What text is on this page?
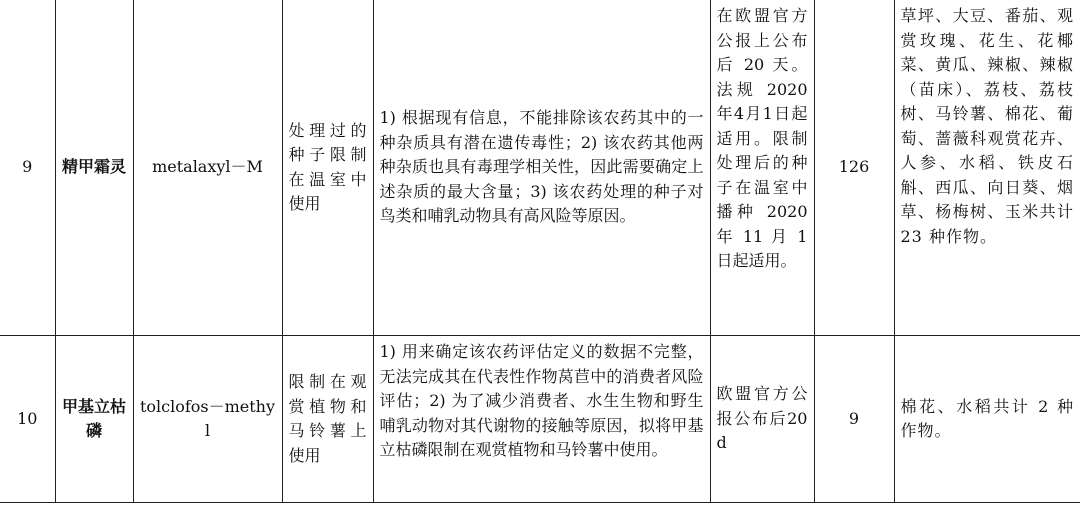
9	精甲霜灵	metalaxyl－M	处理过的种子限制在温室中使用	1) 根据现有信息，不能排除该农药其中的一种杂质具有潜在遗传毒性；2) 该农药其他两种杂质也具有毒理学相关性，因此需要确定上述杂质的最大含量；3) 该农药处理的种子对鸟类和哺乳动物具有高风险等原因。	在欧盟官方公报上公布后 20 天。法规 2020 年4月1日起适用。限制处理后的种子在温室中播种 2020 年 11 月 1 日起适用。	126	草坪、大豆、番茄、观赏玫瑰、花生、花椰菜、黄瓜、辣椒、辣椒（苗床）、荔枝、荔枝树、马铃薯、棉花、葡萄、蔷薇科观赏花卉、人参、水稻、铁皮石斛、西瓜、向日葵、烟草、杨梅树、玉米共计 23 种作物。
10	甲基立枯磷	tolclofos－methyl	限制在观赏植物和马铃薯上使用	1) 用来确定该农药评估定义的数据不完整，无法完成其在代表性作物莴苣中的消费者风险评估；2) 为了减少消费者、水生生物和野生哺乳动物对其代谢物的接触等原因，拟将甲基立枯磷限制在观赏植物和马铃薯中使用。	欧盟官方公报公布后20d	9	棉花、水稻共计 2 种作物。
